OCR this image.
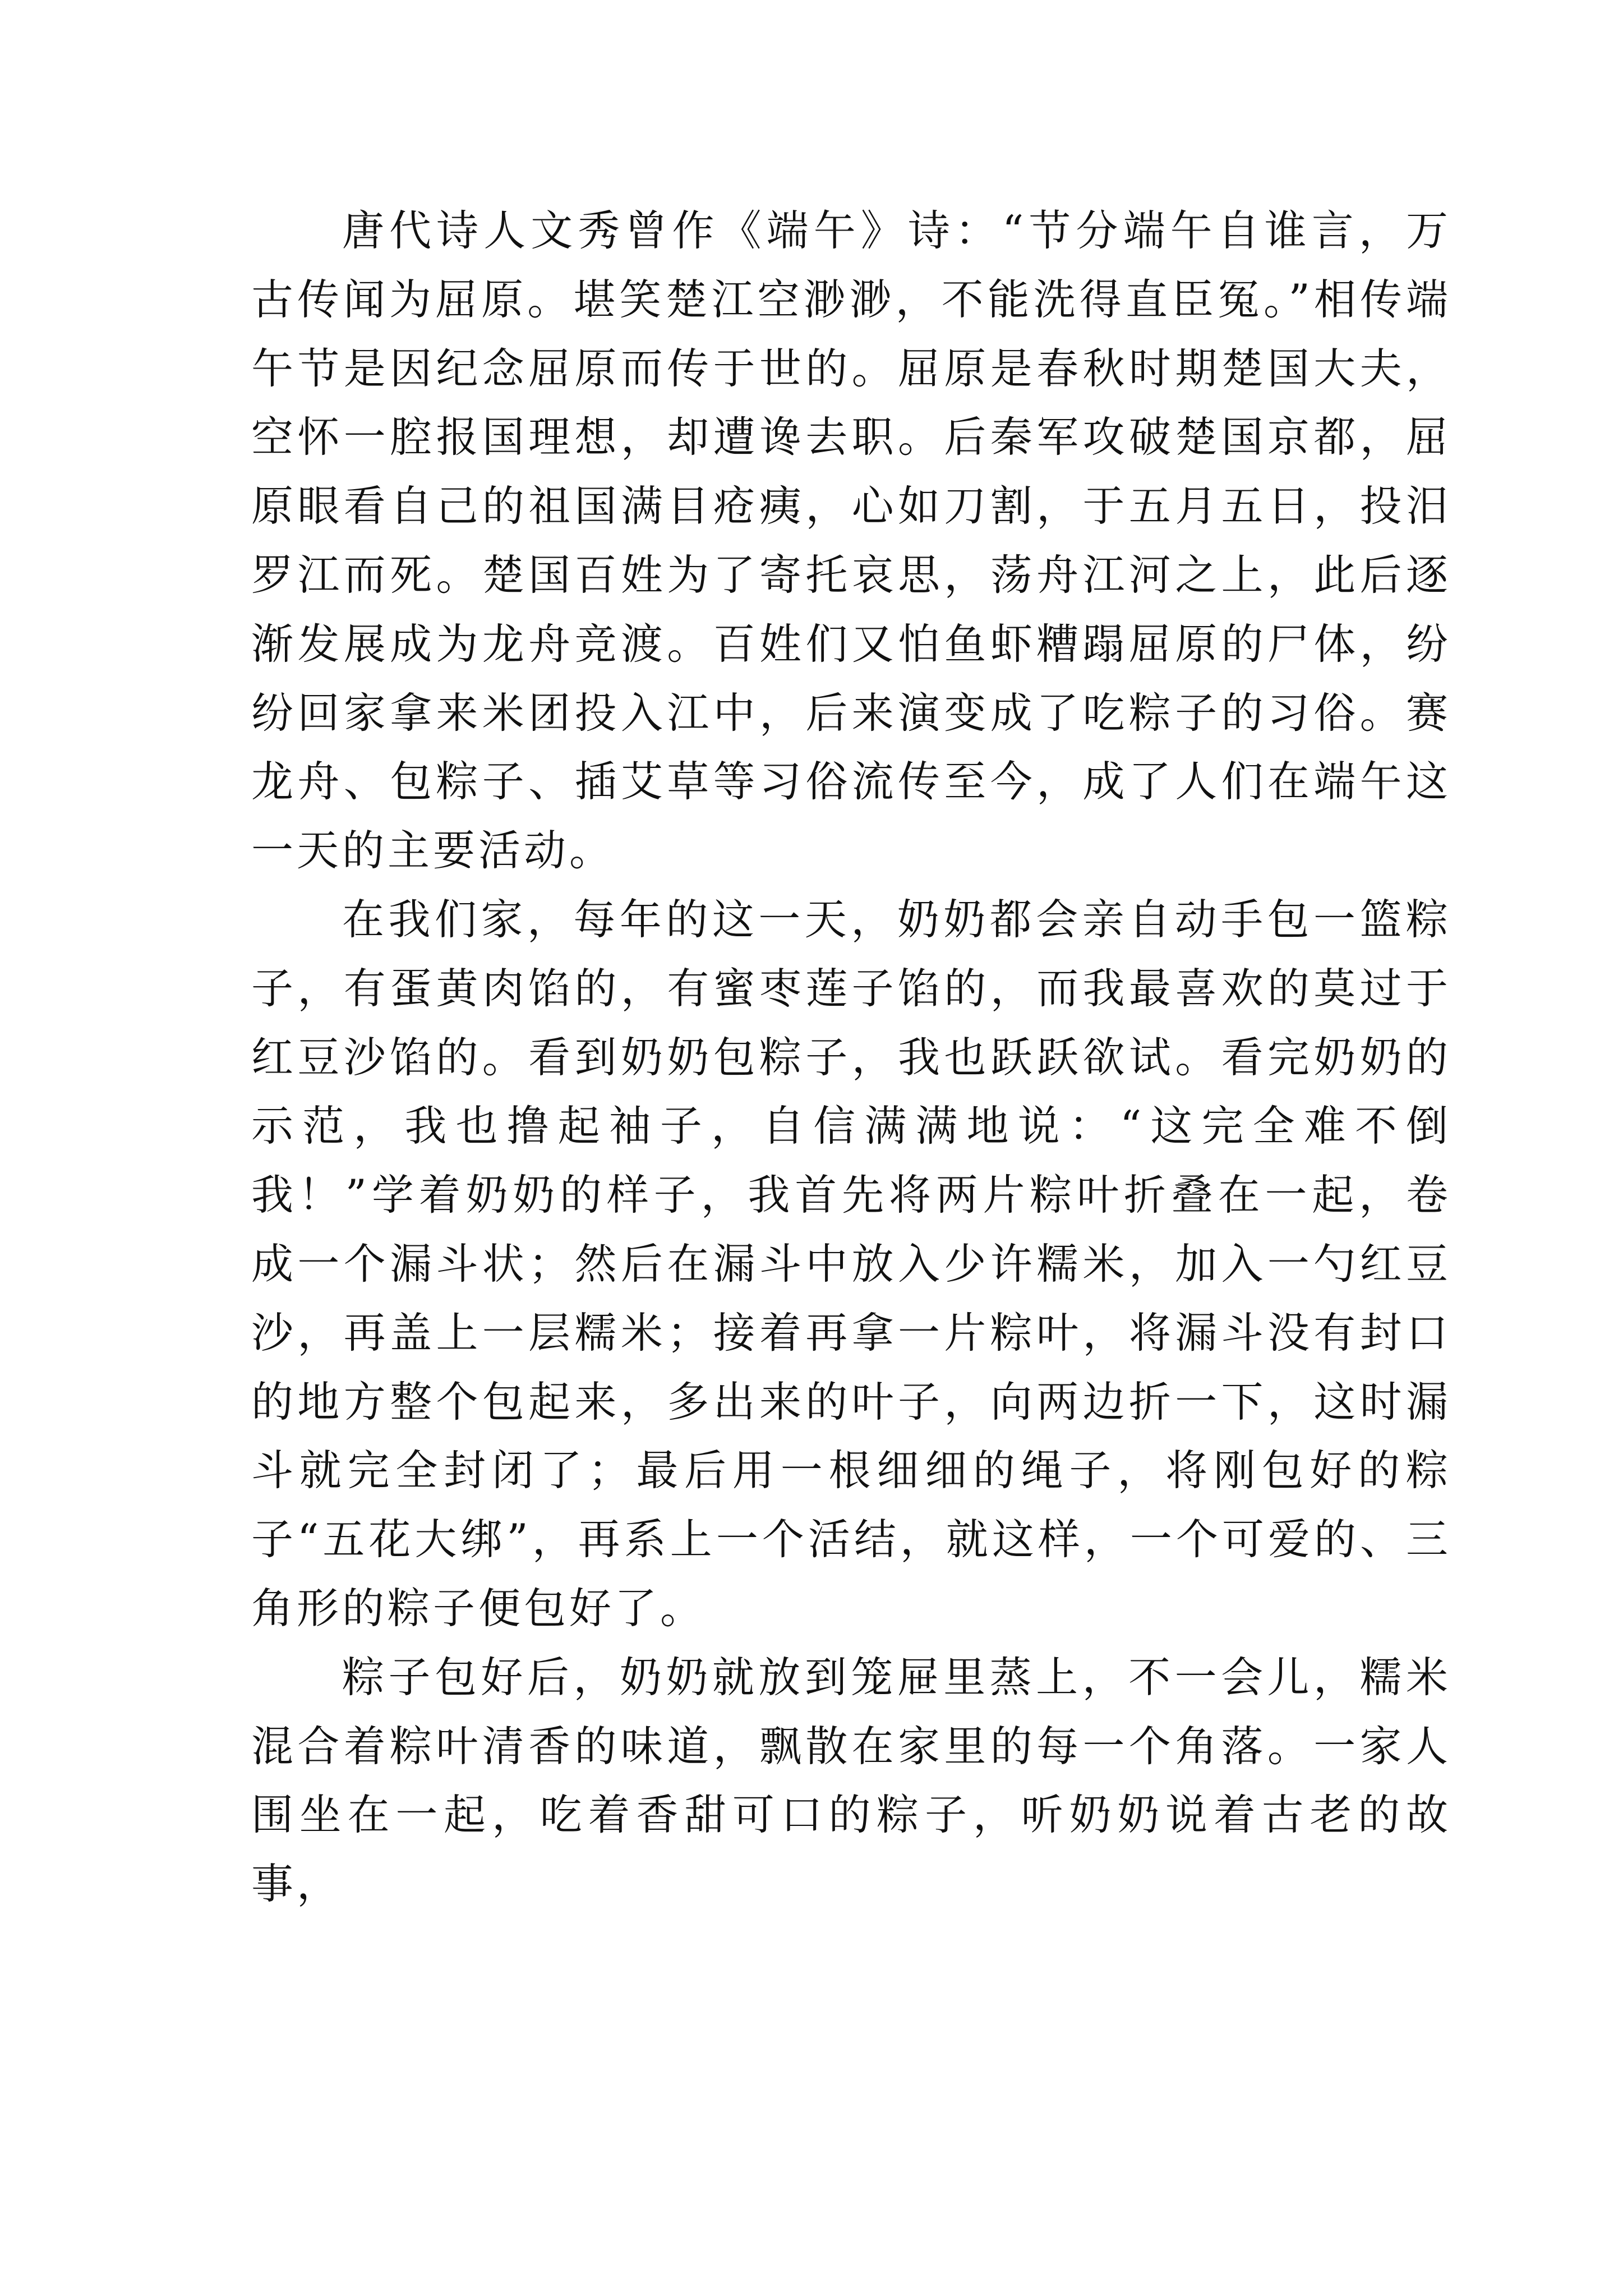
唐代诗人文秀曾作《端午》诗：“节分端午自谁言，万古传闻为屈原。堪笑楚江空渺渺，不能洗得直臣冤。”相传端午节是因纪念屈原而传于世的。屈原是春秋时期楚国大夫，空怀一腔报国理想，却遭谗去职。后秦军攻破楚国京都，屈原眼看自己的祖国满目疮痍，心如刀割，于五月五日，投汨罗江而死。楚国百姓为了寄托哀思，荡舟江河之上，此后逐渐发展成为龙舟竞渡。百姓们又怕鱼虾糟蹋屈原的尸体，纷纷回家拿来米团投入江中，后来演变成了吃粽子的习俗。赛龙舟、包粽子、插艾草等习俗流传至今，成了人们在端午这一天的主要活动。

在我们家，每年的这一天，奶奶都会亲自动手包一篮粽子，有蛋黄肉馅的，有蜜枣莲子馅的，而我最喜欢的莫过于红豆沙馅的。看到奶奶包粽子，我也跃跃欲试。看完奶奶的示范，我也撸起袖子，自信满满地说：“这完全难不倒我！”学着奶奶的样子，我首先将两片粽叶折叠在一起，卷成一个漏斗状；然后在漏斗中放入少许糯米，加入一勺红豆沙，再盖上一层糯米；接着再拿一片粽叶，将漏斗没有封口的地方整个包起来，多出来的叶子，向两边折一下，这时漏斗就完全封闭了；最后用一根细细的绳子，将刚包好的粽子“五花大绑”，再系上一个活结，就这样，一个可爱的、三角形的粽子便包好了。

粽子包好后，奶奶就放到笼屉里蒸上，不一会儿，糯米混合着粽叶清香的味道，飘散在家里的每一个角落。一家人围坐在一起，吃着香甜可口的粽子，听奶奶说着古老的故事，
